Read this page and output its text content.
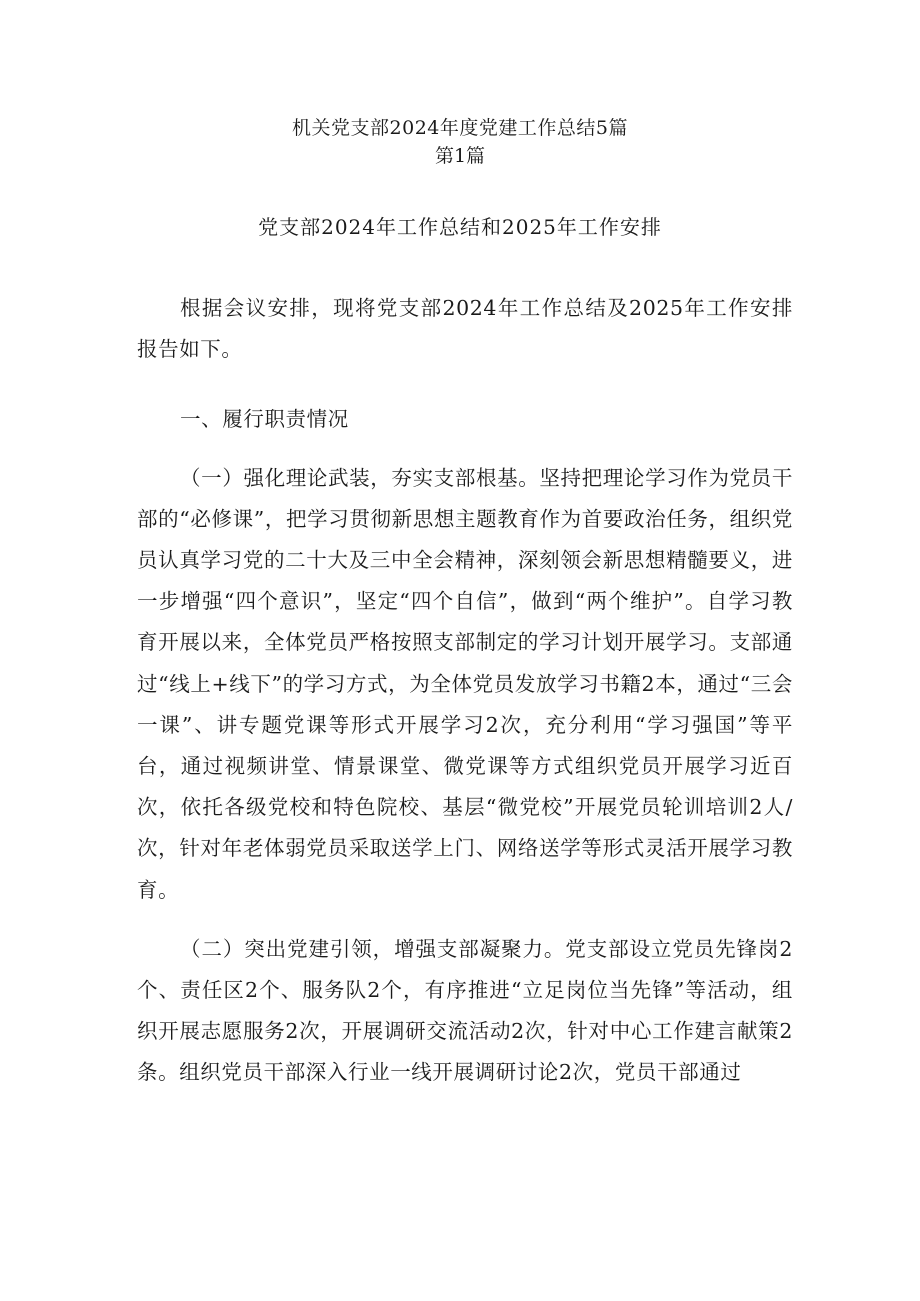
机关党支部2024年度党建工作总结5篇
第1篇
党支部2024年工作总结和2025年工作安排

根据会议安排，现将党支部2024年工作总结及2025年工作安排报告如下。

一、履行职责情况

（一）强化理论武装，夯实支部根基。坚持把理论学习作为党员干部的“必修课”，把学习贯彻新思想主题教育作为首要政治任务，组织党员认真学习党的二十大及三中全会精神，深刻领会新思想精髓要义，进一步增强“四个意识”，坚定“四个自信”，做到“两个维护”。自学习教育开展以来，全体党员严格按照支部制定的学习计划开展学习。支部通过“线上+线下”的学习方式，为全体党员发放学习书籍2本，通过“三会一课”、讲专题党课等形式开展学习2次，充分利用“学习强国”等平台，通过视频讲堂、情景课堂、微党课等方式组织党员开展学习近百次，依托各级党校和特色院校、基层“微党校”开展党员轮训培训2人/次，针对年老体弱党员采取送学上门、网络送学等形式灵活开展学习教育。

（二）突出党建引领，增强支部凝聚力。党支部设立党员先锋岗2个、责任区2个、服务队2个，有序推进“立足岗位当先锋”等活动，组织开展志愿服务2次，开展调研交流活动2次，针对中心工作建言献策2条。组织党员干部深入行业一线开展调研讨论2次，党员干部通过
